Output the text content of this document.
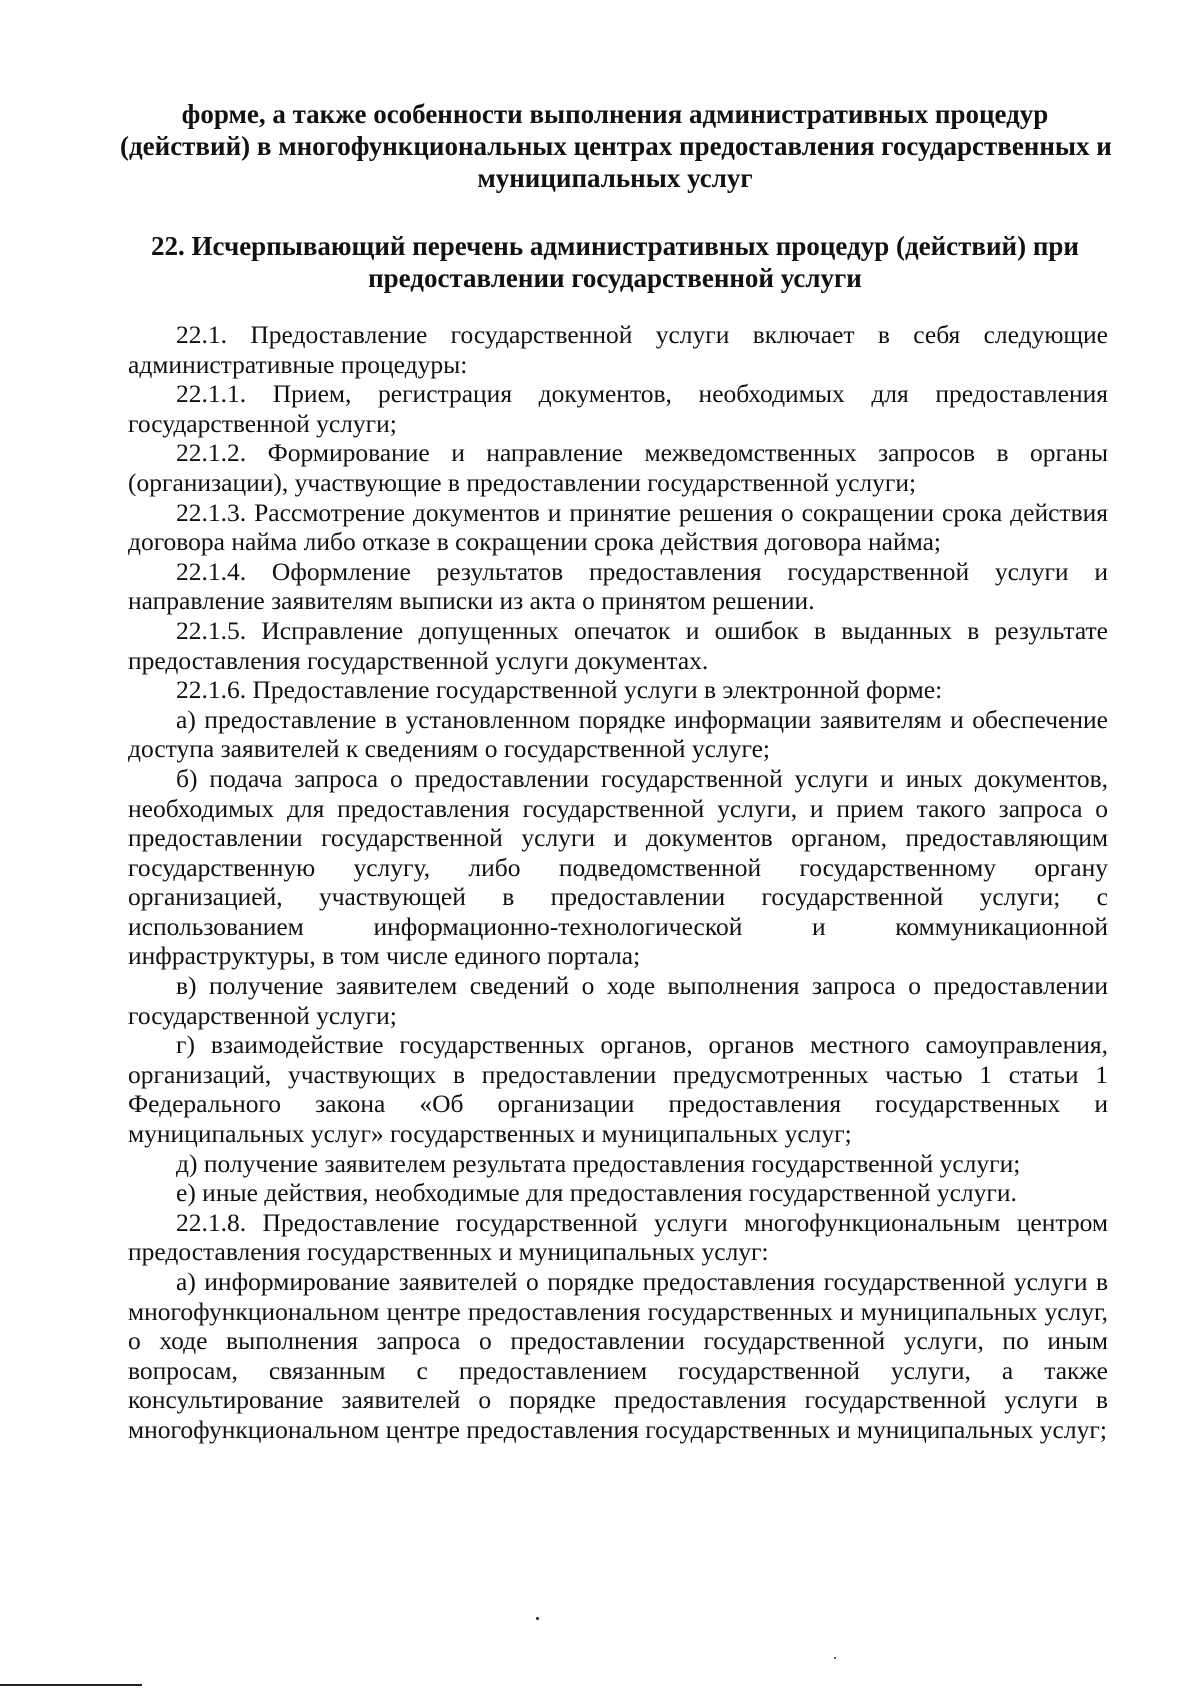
форме, а также особенности выполнения административных процедур
(действий) в многофункциональных центрах предоставления государственных и
муниципальных услуг
22. Исчерпывающий перечень административных процедур (действий) при
предоставлении государственной услуги

22.1. Предоставление государственной услуги включает в себя следующие административные процедуры:

22.1.1. Прием, регистрация документов, необходимых для предоставления государственной услуги;

22.1.2. Формирование и направление межведомственных запросов в органы (организации), участвующие в предоставлении государственной услуги;

22.1.3. Рассмотрение документов и принятие решения о сокращении срока действия договора найма либо отказе в сокращении срока действия договора найма;

22.1.4. Оформление результатов предоставления государственной услуги и направление заявителям выписки из акта о принятом решении.

22.1.5. Исправление допущенных опечаток и ошибок в выданных в результате предоставления государственной услуги документах.

22.1.6. Предоставление государственной услуги в электронной форме:

а) предоставление в установленном порядке информации заявителям и обеспечение доступа заявителей к сведениям о государственной услуге;

б) подача запроса о предоставлении государственной услуги и иных документов, необходимых для предоставления государственной услуги, и прием такого запроса о предоставлении государственной услуги и документов органом, предоставляющим государственную услугу, либо подведомственной государственному органу организацией, участвующей в предоставлении государственной услуги; с использованием информационно-технологической и коммуникационной инфраструктуры, в том числе единого портала;

в) получение заявителем сведений о ходе выполнения запроса о предоставлении государственной услуги;

г) взаимодействие государственных органов, органов местного самоуправления, организаций, участвующих в предоставлении предусмотренных частью 1 статьи 1 Федерального закона «Об организации предоставления государственных и муниципальных услуг» государственных и муниципальных услуг;

д) получение заявителем результата предоставления государственной услуги;

е) иные действия, необходимые для предоставления государственной услуги.

22.1.8. Предоставление государственной услуги многофункциональным центром предоставления государственных и муниципальных услуг:

а) информирование заявителей о порядке предоставления государственной услуги в многофункциональном центре предоставления государственных и муниципальных услуг, о ходе выполнения запроса о предоставлении государственной услуги, по иным вопросам, связанным с предоставлением государственной услуги, а также консультирование заявителей о порядке предоставления государственной услуги в многофункциональном центре предоставления государственных и муниципальных услуг;
